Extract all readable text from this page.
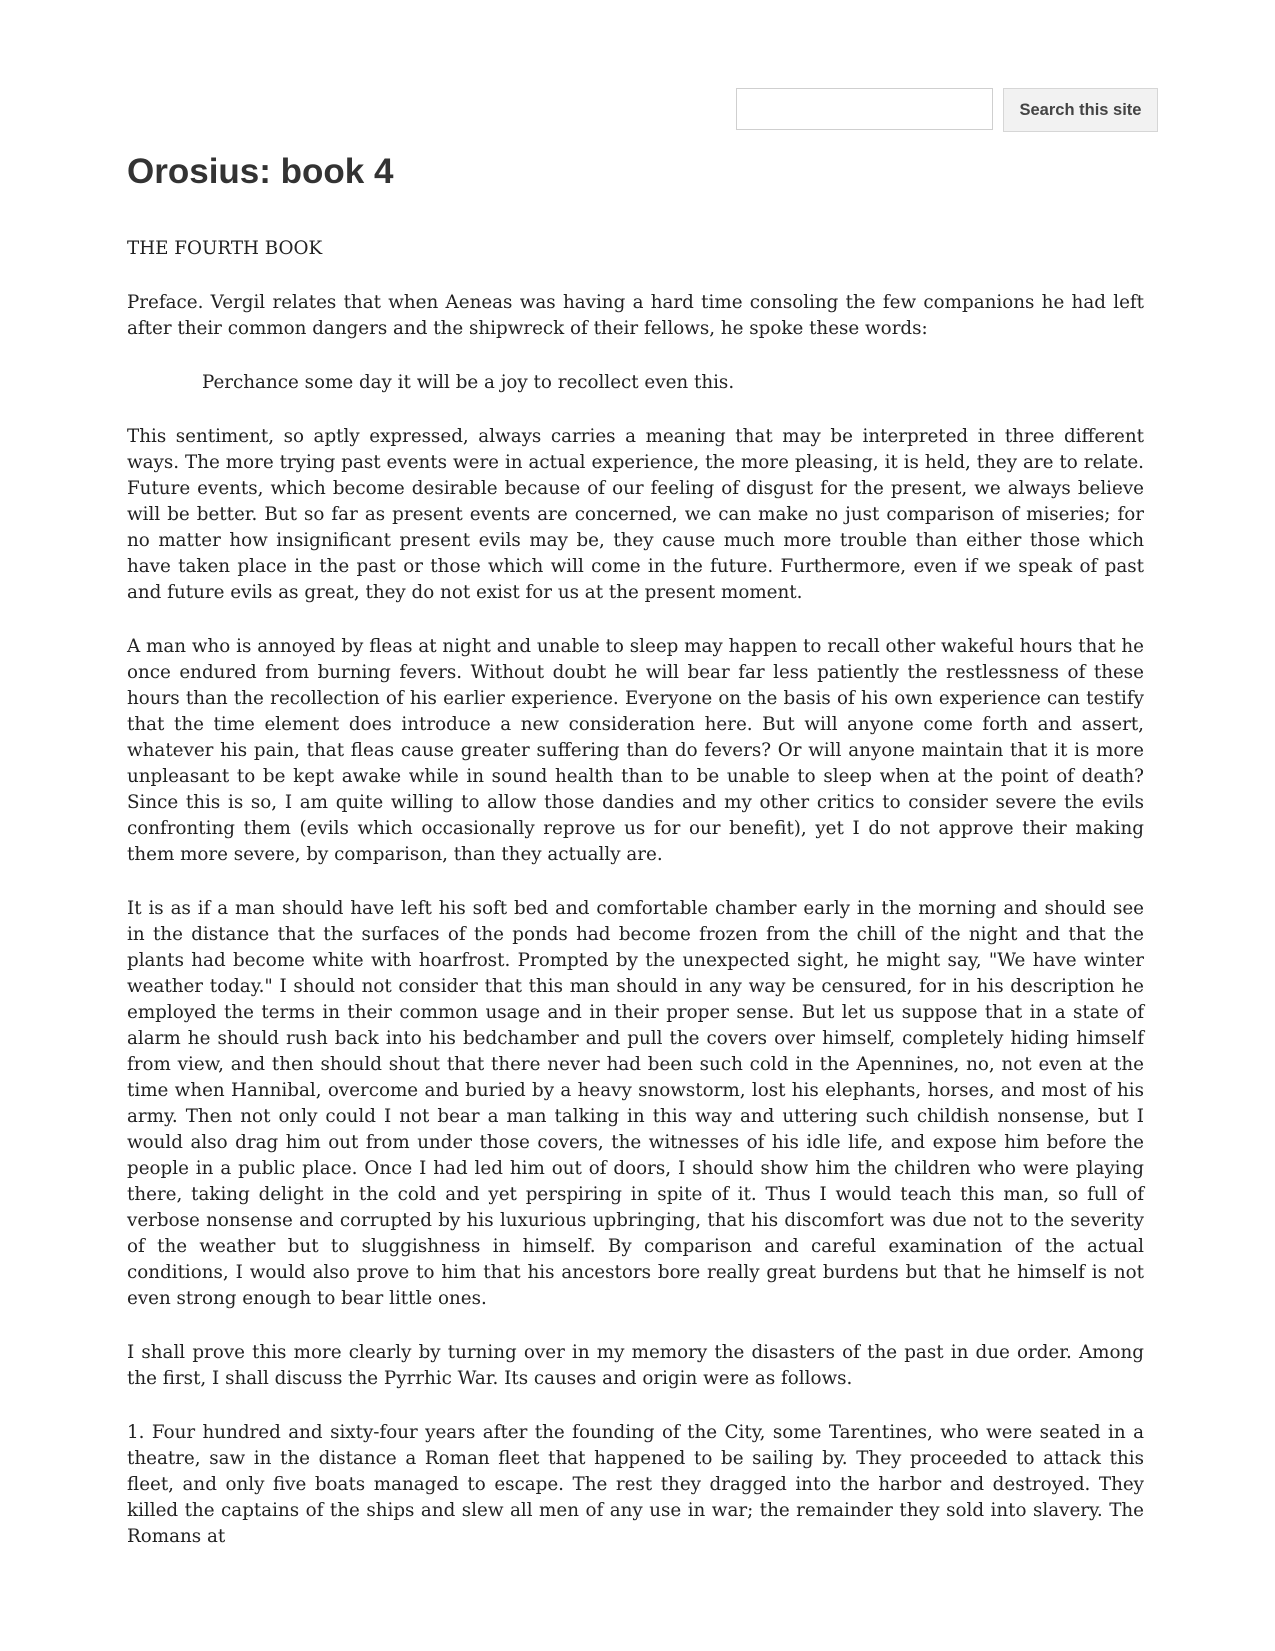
Search this site
Orosius: book 4

THE FOURTH BOOK

Preface. Vergil relates that when Aeneas was having a hard time consoling the few companions he had left after their common dangers and the shipwreck of their fellows, he spoke these words:

Perchance some day it will be a joy to recollect even this.

This sentiment, so aptly expressed, always carries a meaning that may be interpreted in three different ways. The more trying past events were in actual experience, the more pleasing, it is held, they are to relate. Future events, which become desirable because of our feeling of disgust for the present, we always believe will be better. But so far as present events are concerned, we can make no just comparison of miseries; for no matter how insignificant present evils may be, they cause much more trouble than either those which have taken place in the past or those which will come in the future. Furthermore, even if we speak of past and future evils as great, they do not exist for us at the present moment.

A man who is annoyed by fleas at night and unable to sleep may happen to recall other wakeful hours that he once endured from burning fevers. Without doubt he will bear far less patiently the restlessness of these hours than the recollection of his earlier experience. Everyone on the basis of his own experience can testify that the time element does introduce a new consideration here. But will anyone come forth and assert, whatever his pain, that fleas cause greater suffering than do fevers? Or will anyone maintain that it is more unpleasant to be kept awake while in sound health than to be unable to sleep when at the point of death? Since this is so, I am quite willing to allow those dandies and my other critics to consider severe the evils confronting them (evils which occasionally reprove us for our benefit), yet I do not approve their making them more severe, by comparison, than they actually are.

It is as if a man should have left his soft bed and comfortable chamber early in the morning and should see in the distance that the surfaces of the ponds had become frozen from the chill of the night and that the plants had become white with hoarfrost. Prompted by the unexpected sight, he might say, "We have winter weather today." I should not consider that this man should in any way be censured, for in his description he employed the terms in their common usage and in their proper sense. But let us suppose that in a state of alarm he should rush back into his bedchamber and pull the covers over himself, completely hiding himself from view, and then should shout that there never had been such cold in the Apennines, no, not even at the time when Hannibal, overcome and buried by a heavy snowstorm, lost his elephants, horses, and most of his army. Then not only could I not bear a man talking in this way and uttering such childish nonsense, but I would also drag him out from under those covers, the witnesses of his idle life, and expose him before the people in a public place. Once I had led him out of doors, I should show him the children who were playing there, taking delight in the cold and yet perspiring in spite of it. Thus I would teach this man, so full of verbose nonsense and corrupted by his luxurious upbringing, that his discomfort was due not to the severity of the weather but to sluggishness in himself. By comparison and careful examination of the actual conditions, I would also prove to him that his ancestors bore really great burdens but that he himself is not even strong enough to bear little ones.

I shall prove this more clearly by turning over in my memory the disasters of the past in due order. Among the first, I shall discuss the Pyrrhic War. Its causes and origin were as follows.

1. Four hundred and sixty-four years after the founding of the City, some Tarentines, who were seated in a theatre, saw in the distance a Roman fleet that happened to be sailing by. They proceeded to attack this fleet, and only five boats managed to escape. The rest they dragged into the harbor and destroyed. They killed the captains of the ships and slew all men of any use in war; the remainder they sold into slavery. The Romans at
